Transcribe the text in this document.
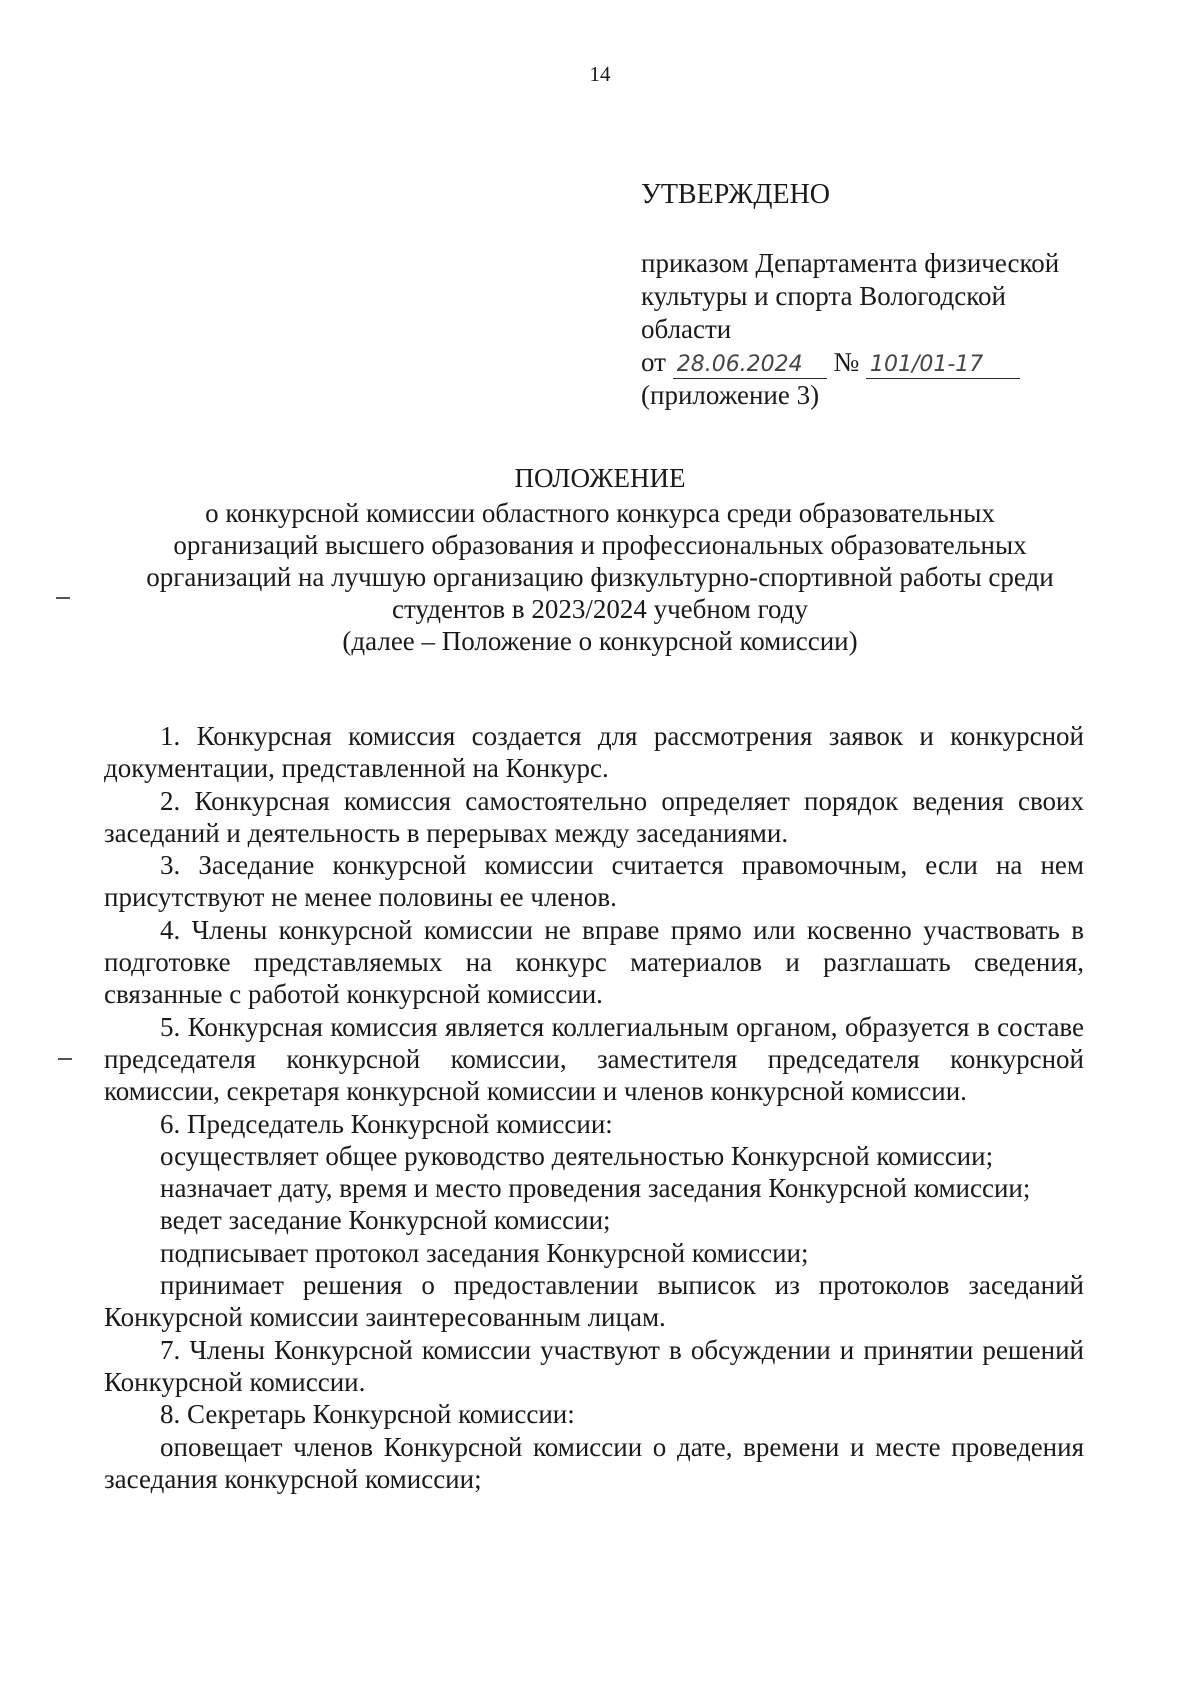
14
УТВЕРЖДЕНО
приказом Департамента физической
культуры и спорта Вологодской
области
от 28.06.2024 № 101/01-17
(приложение 3)
ПОЛОЖЕНИЕ
о конкурсной комиссии областного конкурса среди образовательных
организаций высшего образования и профессиональных образовательных
организаций на лучшую организацию физкультурно-спортивной работы среди
студентов в 2023/2024 учебном году
(далее – Положение о конкурсной комиссии)

1. Конкурсная комиссия создается для рассмотрения заявок и конкурсной документации, представленной на Конкурс.

2. Конкурсная комиссия самостоятельно определяет порядок ведения своих заседаний и деятельность в перерывах между заседаниями.

3. Заседание конкурсной комиссии считается правомочным, если на нем присутствуют не менее половины ее членов.

4. Члены конкурсной комиссии не вправе прямо или косвенно участвовать в подготовке представляемых на конкурс материалов и разглашать сведения, связанные с работой конкурсной комиссии.

5. Конкурсная комиссия является коллегиальным органом, образуется в составе председателя конкурсной комиссии, заместителя председателя конкурсной комиссии, секретаря конкурсной комиссии и членов конкурсной комиссии.

6. Председатель Конкурсной комиссии:

осуществляет общее руководство деятельностью Конкурсной комиссии;

назначает дату, время и место проведения заседания Конкурсной комиссии;

ведет заседание Конкурсной комиссии;

подписывает протокол заседания Конкурсной комиссии;

принимает решения о предоставлении выписок из протоколов заседаний Конкурсной комиссии заинтересованным лицам.

7. Члены Конкурсной комиссии участвуют в обсуждении и принятии решений Конкурсной комиссии.

8. Секретарь Конкурсной комиссии:

оповещает членов Конкурсной комиссии о дате, времени и месте проведения заседания конкурсной комиссии;
